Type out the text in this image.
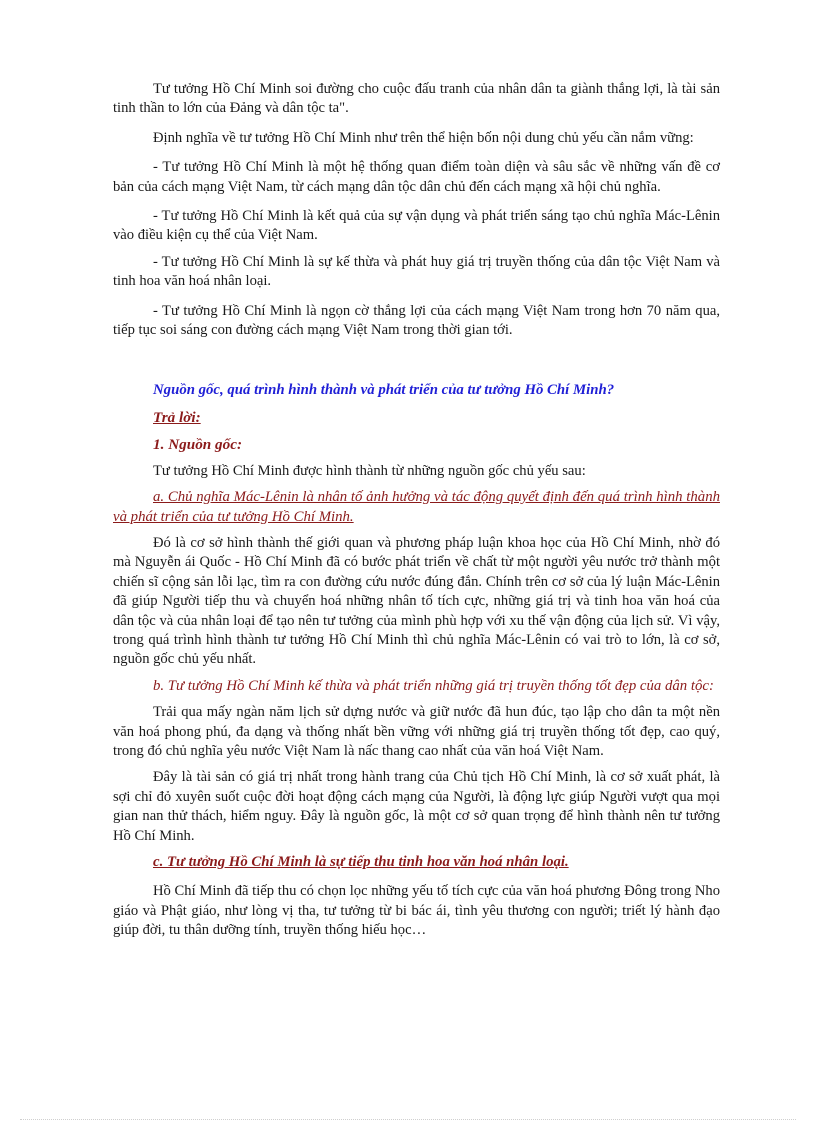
Tư tưởng Hồ Chí Minh soi đường cho cuộc đấu tranh của nhân dân ta giành thắng lợi, là tài sản tinh thần to lớn của Đảng và dân tộc ta".

Định nghĩa về tư tưởng Hồ Chí Minh như trên thể hiện bốn nội dung chủ yếu cần nắm vững:

- Tư tưởng Hồ Chí Minh là một hệ thống quan điểm toàn diện và sâu sắc về những vấn đề cơ bản của cách mạng Việt Nam, từ cách mạng dân tộc dân chủ đến cách mạng xã hội chủ nghĩa.

- Tư tưởng Hồ Chí Minh là kết quả của sự vận dụng và phát triển sáng tạo chủ nghĩa Mác-Lênin vào điều kiện cụ thể của Việt Nam.

- Tư tưởng Hồ Chí Minh là sự kế thừa và phát huy giá trị truyền thống của dân tộc Việt Nam và tinh hoa văn hoá nhân loại.

- Tư tưởng Hồ Chí Minh là ngọn cờ thắng lợi của cách mạng Việt Nam trong hơn 70 năm qua, tiếp tục soi sáng con đường cách mạng Việt Nam trong thời gian tới.

Nguồn gốc, quá trình hình thành và phát triển của tư tưởng Hồ Chí Minh?

Trả lời:

1. Nguồn gốc:

Tư tưởng Hồ Chí Minh được hình thành từ những nguồn gốc chủ yếu sau:

a. Chủ nghĩa Mác-Lênin là nhân tố ảnh hưởng và tác động quyết định đến quá trình hình thành và phát triển của tư tưởng Hồ Chí Minh.

Đó là cơ sở hình thành thế giới quan và phương pháp luận khoa học của Hồ Chí Minh, nhờ đó mà Nguyễn ái Quốc - Hồ Chí Minh đã có bước phát triển về chất từ một người yêu nước trở thành một chiến sĩ cộng sản lỗi lạc, tìm ra con đường cứu nước đúng đắn. Chính trên cơ sở của lý luận Mác-Lênin đã giúp Người tiếp thu và chuyển hoá những nhân tố tích cực, những giá trị và tinh hoa văn hoá của dân tộc và của nhân loại để tạo nên tư tưởng của mình phù hợp với xu thế vận động của lịch sử. Vì vậy, trong quá trình hình thành tư tưởng Hồ Chí Minh thì chủ nghĩa Mác-Lênin có vai trò to lớn, là cơ sở, nguồn gốc chủ yếu nhất.

b. Tư tưởng Hồ Chí Minh kế thừa và phát triển những giá trị truyền thống tốt đẹp của dân tộc:

Trải qua mấy ngàn năm lịch sử dựng nước và giữ nước đã hun đúc, tạo lập cho dân ta một nền văn hoá phong phú, đa dạng và thống nhất bền vững với những giá trị truyền thống tốt đẹp, cao quý, trong đó chủ nghĩa yêu nước Việt Nam là nấc thang cao nhất của văn hoá Việt Nam.

Đây là tài sản có giá trị nhất trong hành trang của Chủ tịch Hồ Chí Minh, là cơ sở xuất phát, là sợi chỉ đỏ xuyên suốt cuộc đời hoạt động cách mạng của Người, là động lực giúp Người vượt qua mọi gian nan thử thách, hiểm nguy. Đây là nguồn gốc, là một cơ sở quan trọng để hình thành nên tư tưởng Hồ Chí Minh.

c. Tư tưởng Hồ Chí Minh là sự tiếp thu tinh hoa văn hoá nhân loại.

Hồ Chí Minh đã tiếp thu có chọn lọc những yếu tố tích cực của văn hoá phương Đông trong Nho giáo và Phật giáo, như lòng vị tha, tư tưởng từ bi bác ái, tình yêu thương con người; triết lý hành đạo giúp đời, tu thân dưỡng tính, truyền thống hiếu học…
